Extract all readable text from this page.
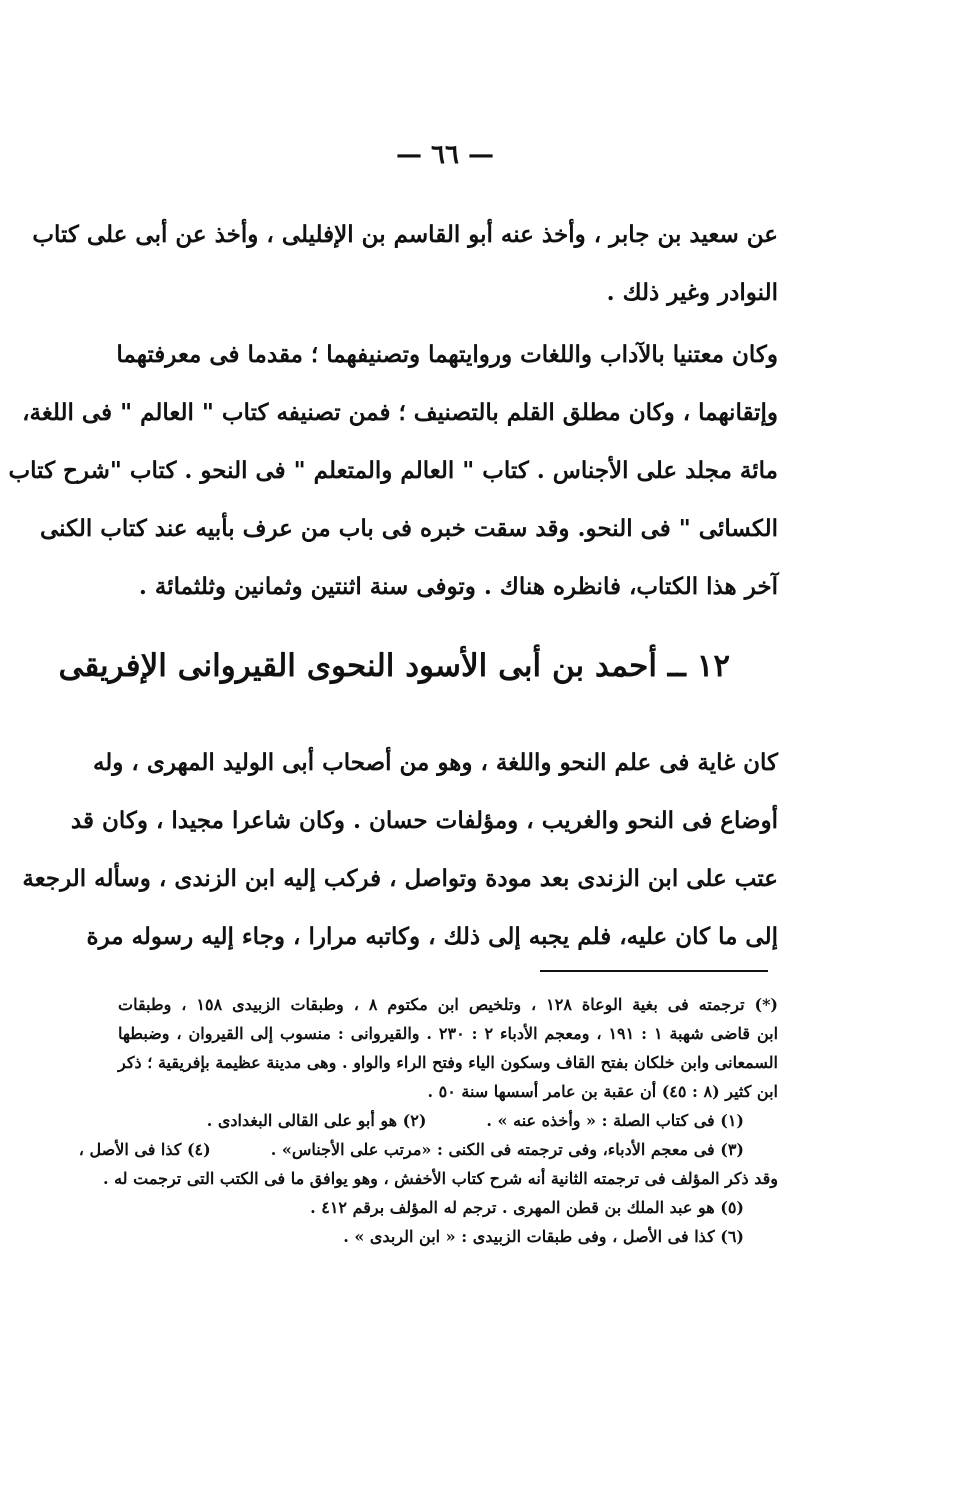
— ٦٦ —
عن سعيد بن جابر ، وأخذ عنه أبو القاسم بن الإفليلى ، وأخذ عن أبى على كتاب
النوادر وغير ذلك .
وكان معتنيا بالآداب واللغات وروايتهما وتصنيفهما ؛ مقدما فى معرفتهما
وإتقانهما ، وكان مطلق القلم بالتصنيف ؛ فمن تصنيفه كتاب " العالم " فى اللغة،
مائة مجلد على الأجناس . كتاب " العالم والمتعلم " فى النحو . كتاب "شرح كتاب
الكسائى " فى النحو. وقد سقت خبره فى باب من عرف بأبيه عند كتاب الكنى
آخر هذا الكتاب، فانظره هناك . وتوفى سنة اثنتين وثمانين وثلثمائة .
١٢ ــ أحمد بن أبى الأسود النحوى القيروانى الإفريقى
كان غاية فى علم النحو واللغة ، وهو من أصحاب أبى الوليد المهرى ، وله
أوضاع فى النحو والغريب ، ومؤلفات حسان . وكان شاعرا مجيدا ، وكان قد
عتب على ابن الزندى بعد مودة وتواصل ، فركب إليه ابن الزندى ، وسأله الرجعة
إلى ما كان عليه، فلم يجبه إلى ذلك ، وكاتبه مرارا ، وجاء إليه رسوله مرة
(*) ترجمته فى بغية الوعاة ١٢٨ ، وتلخيص ابن مكتوم ٨ ، وطبقات الزبيدى ١٥٨ ، وطبقات
ابن قاضى شهبة ١ : ١٩١ ، ومعجم الأدباء ٢ : ٢٣٠ . والقيروانى : منسوب إلى القيروان ، وضبطها
السمعانى وابن خلكان بفتح القاف وسكون الياء وفتح الراء والواو . وهى مدينة عظيمة بإفريقية ؛ ذكر
ابن كثير (٨ : ٤٥) أن عقبة بن عامر أسسها سنة ٥٠ .
(١) فى كتاب الصلة : « وأخذه عنه » .
(٢) هو أبو على القالى البغدادى .
(٣) فى معجم الأدباء، وفى ترجمته فى الكنى : «مرتب على الأجناس» .
(٤) كذا فى الأصل ،
وقد ذكر المؤلف فى ترجمته الثانية أنه شرح كتاب الأخفش ، وهو يوافق ما فى الكتب التى ترجمت له .
(٥) هو عبد الملك بن قطن المهرى . ترجم له المؤلف برقم ٤١٢ .
(٦) كذا فى الأصل ، وفى طبقات الزبيدى : « ابن الربدى » .
